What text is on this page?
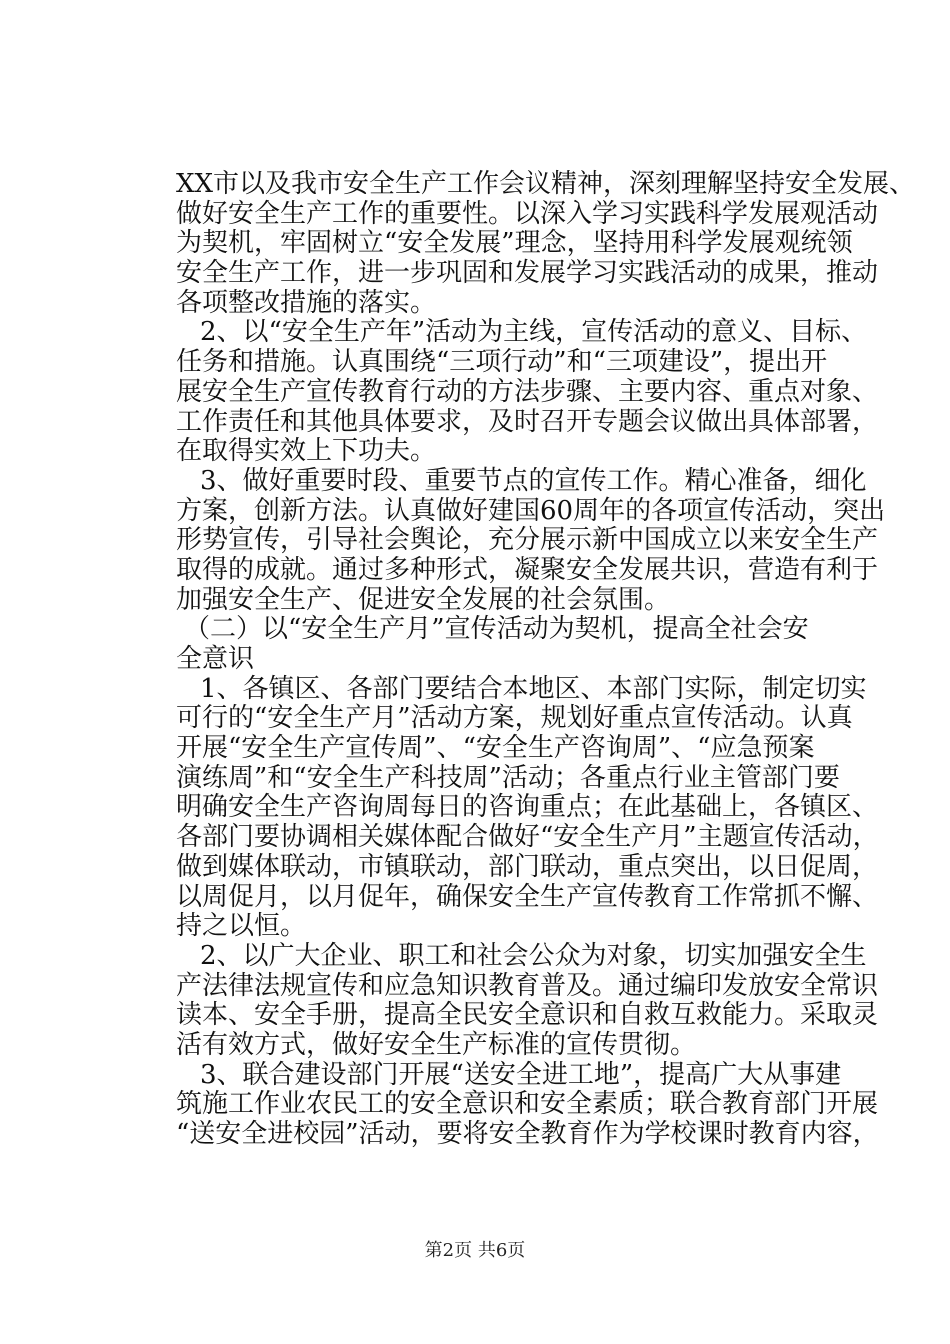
XX市以及我市安全生产工作会议精神，深刻理解坚持安全发展、
做好安全生产工作的重要性。以深入学习实践科学发展观活动
为契机，牢固树立“安全发展”理念，坚持用科学发展观统领
安全生产工作，进一步巩固和发展学习实践活动的成果，推动
各项整改措施的落实。
2、以“安全生产年”活动为主线，宣传活动的意义、目标、
任务和措施。认真围绕“三项行动”和“三项建设”，提出开
展安全生产宣传教育行动的方法步骤、主要内容、重点对象、
工作责任和其他具体要求，及时召开专题会议做出具体部署，
在取得实效上下功夫。
3、做好重要时段、重要节点的宣传工作。精心准备，细化
方案，创新方法。认真做好建国60周年的各项宣传活动，突出
形势宣传，引导社会舆论，充分展示新中国成立以来安全生产
取得的成就。通过多种形式，凝聚安全发展共识，营造有利于
加强安全生产、促进安全发展的社会氛围。
（二）以“安全生产月”宣传活动为契机，提高全社会安
全意识
1、各镇区、各部门要结合本地区、本部门实际，制定切实
可行的“安全生产月”活动方案，规划好重点宣传活动。认真
开展“安全生产宣传周”、“安全生产咨询周”、“应急预案
演练周”和“安全生产科技周”活动；各重点行业主管部门要
明确安全生产咨询周每日的咨询重点；在此基础上，各镇区、
各部门要协调相关媒体配合做好“安全生产月”主题宣传活动，
做到媒体联动，市镇联动，部门联动，重点突出，以日促周，
以周促月，以月促年，确保安全生产宣传教育工作常抓不懈、
持之以恒。
2、以广大企业、职工和社会公众为对象，切实加强安全生
产法律法规宣传和应急知识教育普及。通过编印发放安全常识
读本、安全手册，提高全民安全意识和自救互救能力。采取灵
活有效方式，做好安全生产标准的宣传贯彻。
3、联合建设部门开展“送安全进工地”，提高广大从事建
筑施工作业农民工的安全意识和安全素质；联合教育部门开展
“送安全进校园”活动，要将安全教育作为学校课时教育内容，
第2页 共6页
